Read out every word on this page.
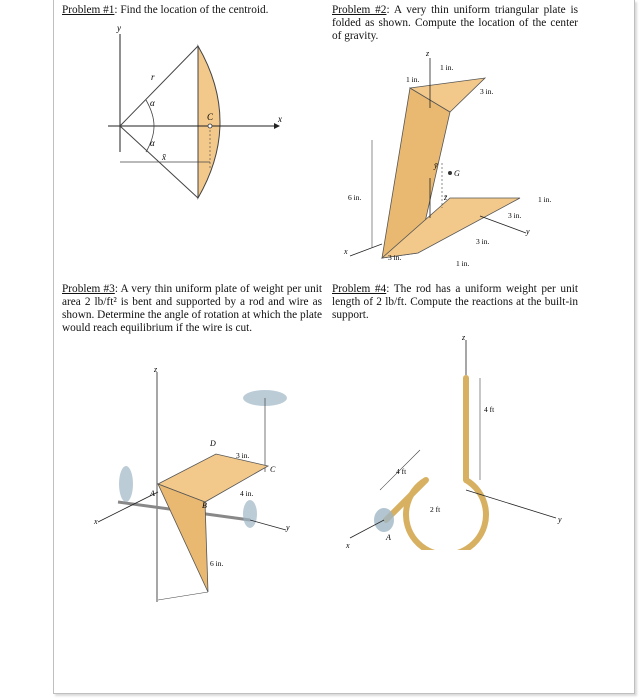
Problem #1: Find the location of the centroid.	Problem #2: A very thin uniform triangular plate is folded as shown. Compute the location of the center of gravity.

Problem #3: A very thin uniform plate of weight per unit area 2 lb/ft² is bent and supported by a rod and wire as shown. Determine the angle of rotation at which the plate would reach equilibrium if the wire is cut.

Problem #4: The rod has a uniform weight per unit length of 2 lb/ft. Compute the reactions at the built-in support.

y
r
α
α
C	x
x̄
z
1 in.
1 in.
3 in.
6 in.
ȳ
G
z̄	1 in.
3 in.
y
3 in.
3 in.
1 in.
x
z
D
3 in.
C
A	4 in.
B
y
x
6 in.
z
4 ft
4 ft
2 ft
y
A
x
